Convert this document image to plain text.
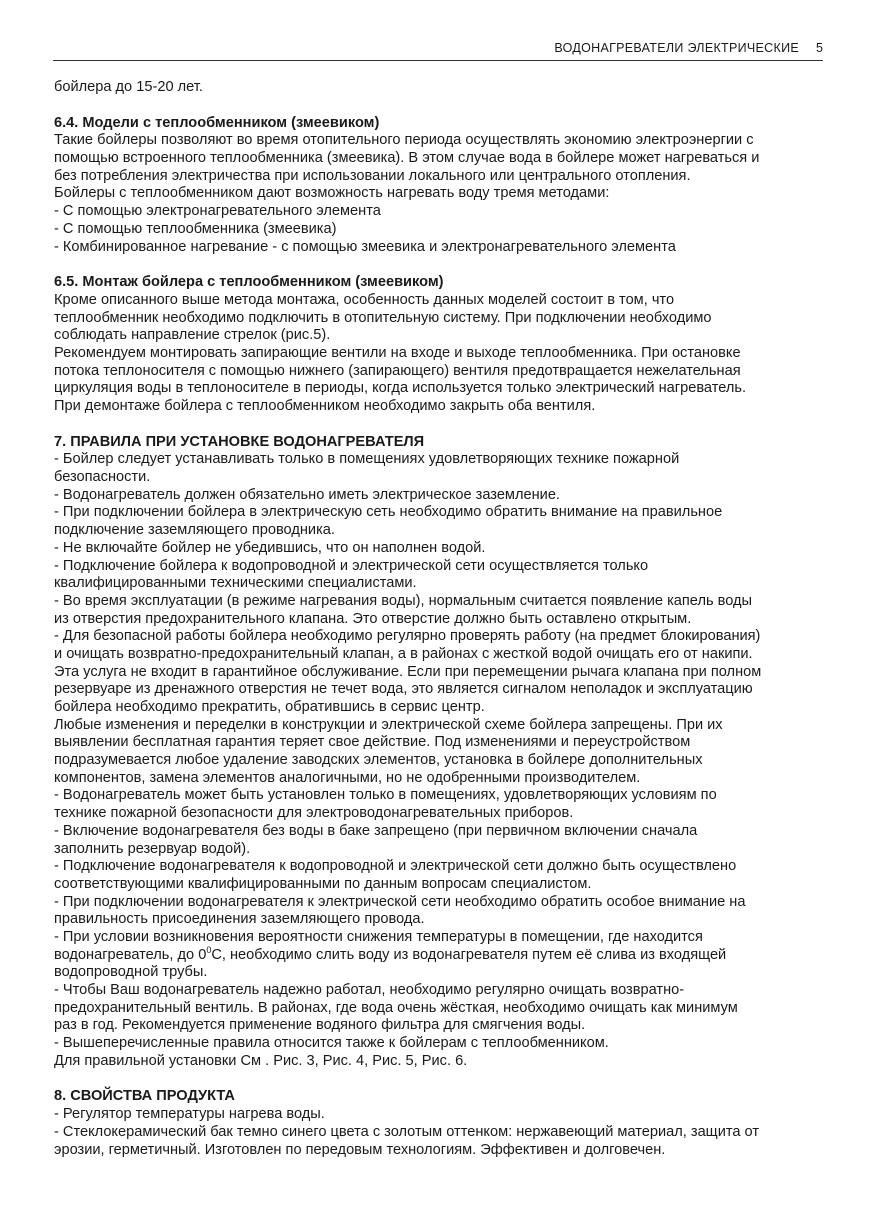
ВОДОНАГРЕВАТЕЛИ ЭЛЕКТРИЧЕСКИЕ 5
бойлера до 15-20 лет.
6.4. Модели с теплообменником (змеевиком)
Такие бойлеры позволяют во время отопительного периода осуществлять экономию электроэнергии с
помощью встроенного теплообменника (змеевика). В этом случае вода в бойлере может нагреваться и
без потребления электричества при использовании локального или центрального отопления.
Бойлеры с теплообменником дают возможность нагревать воду тремя методами:
- С помощью электронагревательного элемента
- С помощью теплообменника (змеевика)
- Комбинированное нагревание - с помощью змеевика и электронагревательного элемента
6.5. Монтаж бойлера с теплообменником (змеевиком)
Кроме описанного выше метода монтажа, особенность данных моделей состоит в том, что
теплообменник необходимо подключить в отопительную систему. При подключении необходимо
соблюдать направление стрелок (рис.5).
Рекомендуем монтировать запирающие вентили на входе и выходе теплообменника. При остановке
потока теплоносителя с помощью нижнего (запирающего) вентиля предотвращается нежелательная
циркуляция воды в теплоносителе в периоды, когда используется только электрический нагреватель.
При демонтаже бойлера с теплообменником необходимо закрыть оба вентиля.
7. ПРАВИЛА ПРИ УСТАНОВКЕ ВОДОНАГРЕВАТЕЛЯ
- Бойлер следует устанавливать только в помещениях удовлетворяющих технике пожарной
безопасности.
- Водонагреватель должен обязательно иметь электрическое заземление.
- При подключении бойлера в электрическую сеть необходимо обратить внимание на правильное
подключение заземляющего проводника.
- Не включайте бойлер не убедившись, что он наполнен водой.
- Подключение бойлера к водопроводной и электрической сети осуществляется только
квалифицированными техническими специалистами.
- Во время эксплуатации (в режиме нагревания воды), нормальным считается появление капель воды
из отверстия предохранительного клапана. Это отверстие должно быть оставлено открытым.
- Для безопасной работы бойлера необходимо регулярно проверять работу (на предмет блокирования)
и очищать возвратно-предохранительный клапан, а в районах с жесткой водой очищать его от накипи.
Эта услуга не входит в гарантийное обслуживание. Если при перемещении рычага клапана при полном
резервуаре из дренажного отверстия не течет вода, это является сигналом неполадок и эксплуатацию
бойлера необходимо прекратить, обратившись в сервис центр.
Любые изменения и переделки в конструкции и электрической схеме бойлера запрещены. При их
выявлении бесплатная гарантия теряет свое действие. Под изменениями и переустройством
подразумевается любое удаление заводских элементов, установка в бойлере дополнительных
компонентов, замена элементов аналогичными, но не одобренными производителем.
- Водонагреватель может быть установлен только в помещениях, удовлетворяющих условиям по
технике пожарной безопасности для электроводонагревательных приборов.
- Включение водонагревателя без воды в баке запрещено (при первичном включении сначала
заполнить резервуар водой).
- Подключение водонагревателя к водопроводной и электрической сети должно быть осуществлено
соответствующими квалифицированными по данным вопросам специалистом.
- При подключении водонагревателя к электрической сети необходимо обратить особое внимание на
правильность присоединения заземляющего провода.
- При условии возникновения вероятности снижения температуры в помещении, где находится
водонагреватель, до $0^0С$, необходимо слить воду из водонагревателя путем её слива из входящей
водопроводной трубы.
- Чтобы Ваш водонагреватель надежно работал, необходимо регулярно очищать возвратно-
предохранительный вентиль. В районах, где вода очень жёсткая, необходимо очищать как минимум
раз в год. Рекомендуется применение водяного фильтра для смягчения воды.
- Вышеперечисленные правила относится также к бойлерам с теплообменником.
Для правильной установки См . Рис. 3, Рис. 4, Рис. 5, Рис. 6.
8. СВОЙСТВА ПРОДУКТА
- Регулятор температуры нагрева воды.
- Стеклокерамический бак темно синего цвета с золотым оттенком: нержавеющий материал, защита от
эрозии, герметичный. Изготовлен по передовым технологиям. Эффективен и долговечен.
